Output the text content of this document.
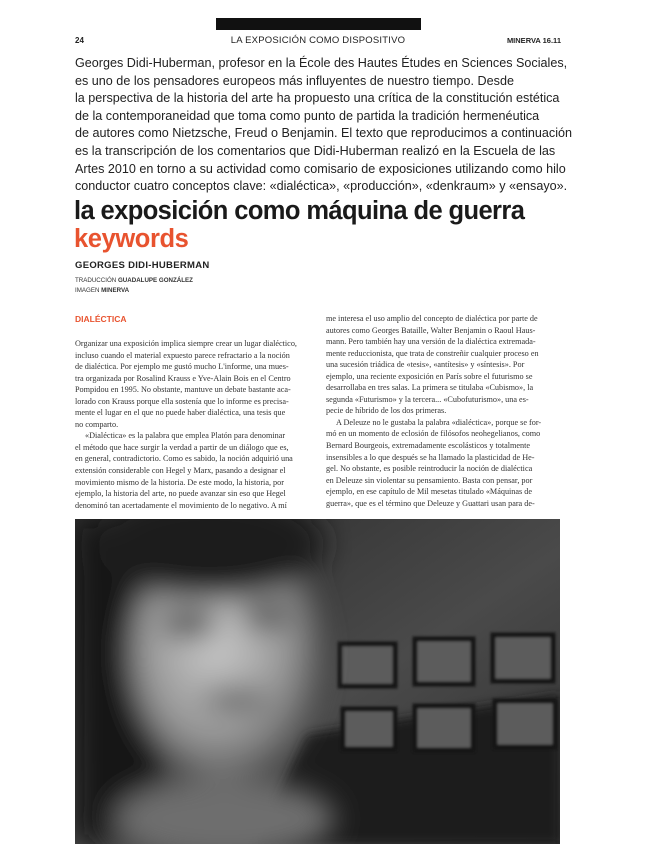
24	LA EXPOSICIÓN COMO DISPOSITIVO	MINERVA 16.11
Georges Didi-Huberman, profesor en la École des Hautes Études en Sciences Sociales,
es uno de los pensadores europeos más influyentes de nuestro tiempo. Desde
la perspectiva de la historia del arte ha propuesto una crítica de la constitución estética
de la contemporaneidad que toma como punto de partida la tradición hermenéutica
de autores como Nietzsche, Freud o Benjamin. El texto que reproducimos a continuación
es la transcripción de los comentarios que Didi-Huberman realizó en la Escuela de las
Artes 2010 en torno a su actividad como comisario de exposiciones utilizando como hilo
conductor cuatro conceptos clave: «dialéctica», «producción», «denkraum» y «ensayo».
la exposición como máquina de guerra
keywords
GEORGES DIDI-HUBERMAN
TRADUCCIÓN GUADALUPE GONZÁLEZ
IMAGEN MINERVA
DIALÉCTICA
Organizar una exposición implica siempre crear un lugar dialéctico,
incluso cuando el material expuesto parece refractario a la noción
de dialéctica. Por ejemplo me gustó mucho L'informe, una mues-
tra organizada por Rosalind Krauss e Yve-Alain Bois en el Centro
Pompidou en 1995. No obstante, mantuve un debate bastante aca-
lorado con Krauss porque ella sostenía que lo informe es precisa-
mente el lugar en el que no puede haber dialéctica, una tesis que
no comparto.
«Dialéctica» es la palabra que emplea Platón para denominar
el método que hace surgir la verdad a partir de un diálogo que es,
en general, contradictorio. Como es sabido, la noción adquirió una
extensión considerable con Hegel y Marx, pasando a designar el
movimiento mismo de la historia. De este modo, la historia, por
ejemplo, la historia del arte, no puede avanzar sin eso que Hegel
denominó tan acertadamente el movimiento de lo negativo. A mí
me interesa el uso amplio del concepto de dialéctica por parte de
autores como Georges Bataille, Walter Benjamin o Raoul Haus-
mann. Pero también hay una versión de la dialéctica extremada-
mente reduccionista, que trata de constreñir cualquier proceso en
una sucesión triádica de «tesis», «antítesis» y «síntesis». Por
ejemplo, una reciente exposición en París sobre el futurismo se
desarrollaba en tres salas. La primera se titulaba «Cubismo», la
segunda «Futurismo» y la tercera... «Cubofuturismo», una es-
pecie de híbrido de los dos primeras.
A Deleuze no le gustaba la palabra «dialéctica», porque se for-
mó en un momento de eclosión de filósofos neohegelianos, como
Bernard Bourgeois, extremadamente escolásticos y totalmente
insensibles a lo que después se ha llamado la plasticidad de He-
gel. No obstante, es posible reintroducir la noción de dialéctica
en Deleuze sin violentar su pensamiento. Basta con pensar, por
ejemplo, en ese capítulo de Mil mesetas titulado «Máquinas de
guerra», que es el término que Deleuze y Guattari usan para de-
